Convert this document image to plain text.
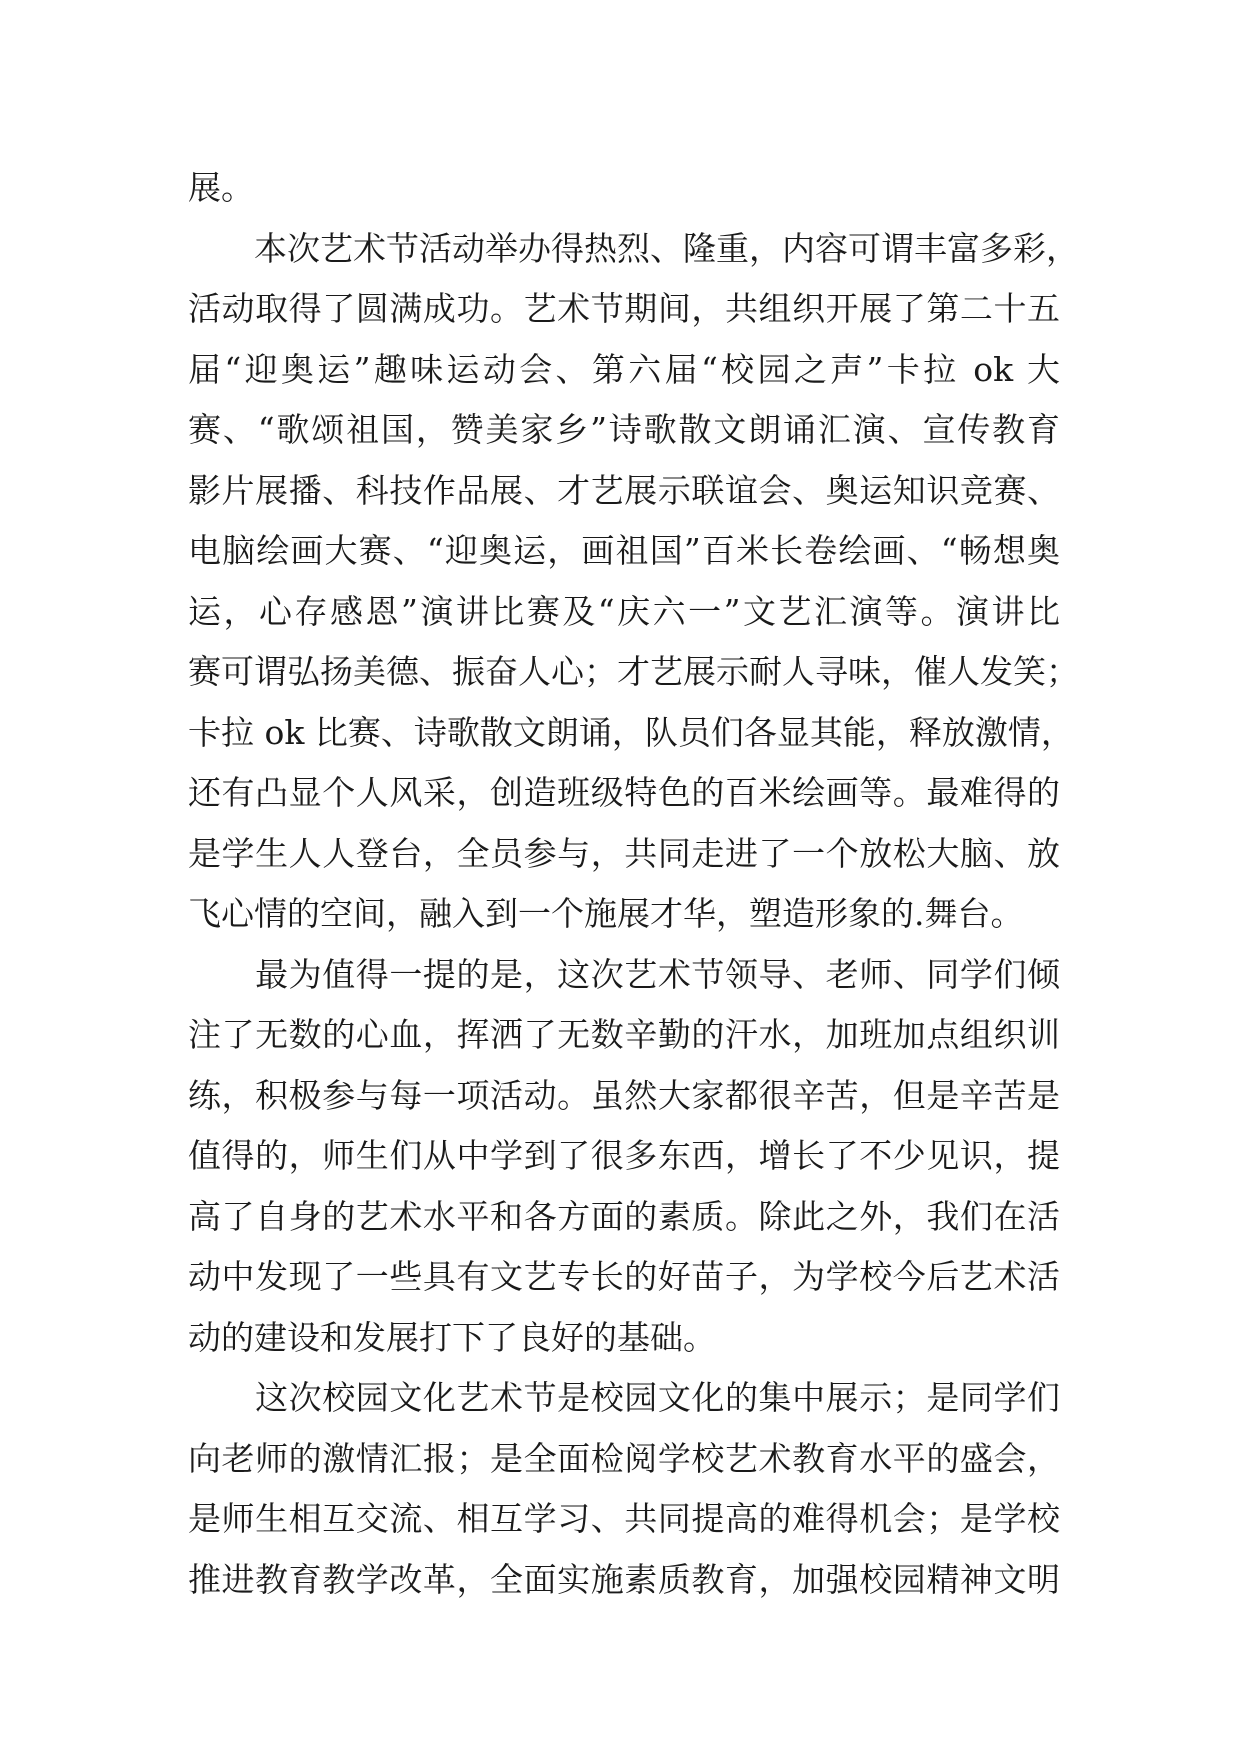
展。
　　本次艺术节活动举办得热烈、隆重，内容可谓丰富多彩，
活动取得了圆满成功。艺术节期间，共组织开展了第二十五
届“迎奥运”趣味运动会、第六届“校园之声”卡拉 ok 大
赛、“歌颂祖国，赞美家乡”诗歌散文朗诵汇演、宣传教育
影片展播、科技作品展、才艺展示联谊会、奥运知识竞赛、
电脑绘画大赛、“迎奥运，画祖国”百米长卷绘画、“畅想奥
运，心存感恩”演讲比赛及“庆六一”文艺汇演等。演讲比
赛可谓弘扬美德、振奋人心；才艺展示耐人寻味，催人发笑；
卡拉 ok 比赛、诗歌散文朗诵，队员们各显其能，释放激情，
还有凸显个人风采，创造班级特色的百米绘画等。最难得的
是学生人人登台，全员参与，共同走进了一个放松大脑、放
飞心情的空间，融入到一个施展才华，塑造形象的.舞台。
　　最为值得一提的是，这次艺术节领导、老师、同学们倾
注了无数的心血，挥洒了无数辛勤的汗水，加班加点组织训
练，积极参与每一项活动。虽然大家都很辛苦，但是辛苦是
值得的，师生们从中学到了很多东西，增长了不少见识，提
高了自身的艺术水平和各方面的素质。除此之外，我们在活
动中发现了一些具有文艺专长的好苗子，为学校今后艺术活
动的建设和发展打下了良好的基础。
　　这次校园文化艺术节是校园文化的集中展示；是同学们
向老师的激情汇报；是全面检阅学校艺术教育水平的盛会，
是师生相互交流、相互学习、共同提高的难得机会；是学校
推进教育教学改革，全面实施素质教育，加强校园精神文明
